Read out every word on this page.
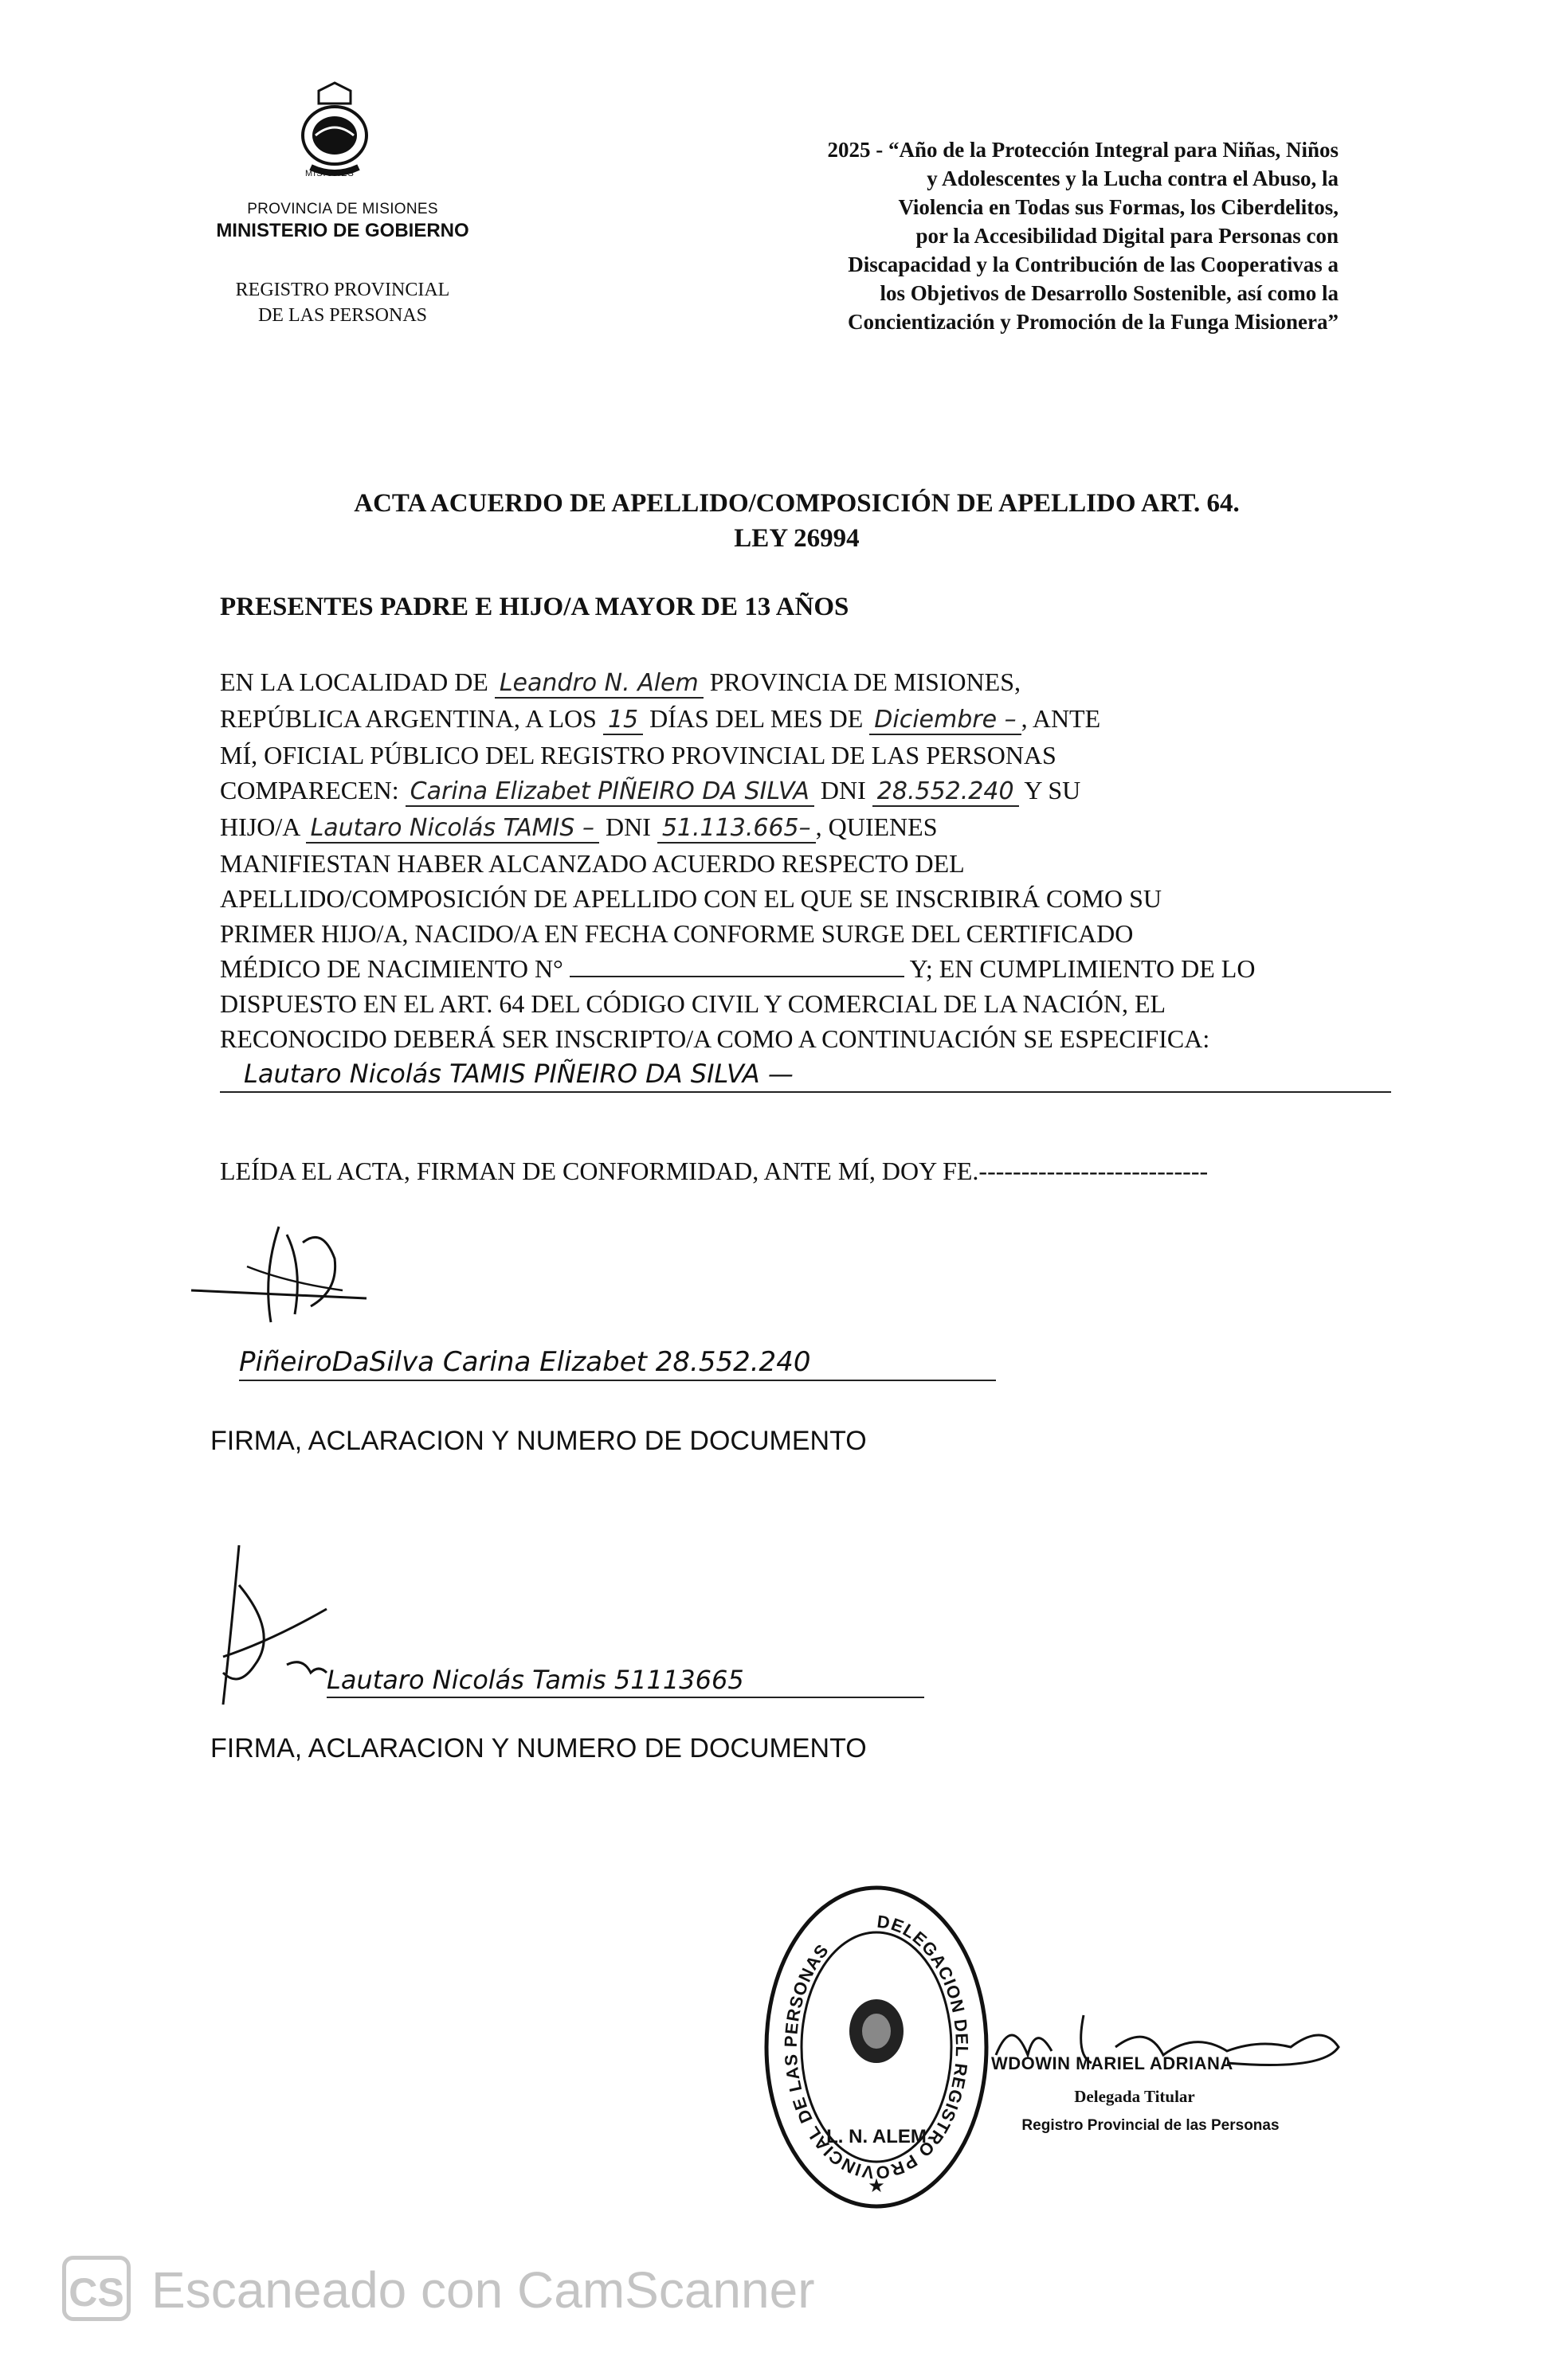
MISIONES
PROVINCIA DE MISIONES
MINISTERIO DE GOBIERNO
REGISTRO PROVINCIAL
DE LAS PERSONAS
2025 - “Año de la Protección Integral para Niñas, Niños
y Adolescentes y la Lucha contra el Abuso, la
Violencia en Todas sus Formas, los Ciberdelitos,
por la Accesibilidad Digital para Personas con
Discapacidad y la Contribución de las Cooperativas a
los Objetivos de Desarrollo Sostenible, así como la
Concientización y Promoción de la Funga Misionera”
ACTA ACUERDO DE APELLIDO/COMPOSICIÓN DE APELLIDO ART. 64.
LEY 26994
PRESENTES PADRE E HIJO/A MAYOR DE 13 AÑOS
EN LA LOCALIDAD DE Leandro N. Alem PROVINCIA DE MISIONES,
REPÚBLICA ARGENTINA, A LOS 15 DÍAS DEL MES DE Diciembre – , ANTE
MÍ, OFICIAL PÚBLICO DEL REGISTRO PROVINCIAL DE LAS PERSONAS
COMPARECEN: Carina Elizabet PIÑEIRO DA SILVA DNI 28.552.240 Y SU
HIJO/A Lautaro Nicolás TAMIS – DNI 51.113.665– , QUIENES
MANIFIESTAN HABER ALCANZADO ACUERDO RESPECTO DEL
APELLIDO/COMPOSICIÓN DE APELLIDO CON EL QUE SE INSCRIBIRÁ COMO SU
PRIMER HIJO/A, NACIDO/A EN FECHA CONFORME SURGE DEL CERTIFICADO
MÉDICO DE NACIMIENTO N°	Y; EN CUMPLIMIENTO DE LO
DISPUESTO EN EL ART. 64 DEL CÓDIGO CIVIL Y COMERCIAL DE LA NACIÓN, EL
RECONOCIDO DEBERÁ SER INSCRIPTO/A COMO A CONTINUACIÓN SE ESPECIFICA:
Lautaro Nicolás TAMIS PIÑEIRO DA SILVA —
LEÍDA EL ACTA, FIRMAN DE CONFORMIDAD, ANTE MÍ, DOY FE.---------------------------
PiñeiroDaSilva Carina Elizabet 28.552.240
FIRMA, ACLARACION Y NUMERO DE DOCUMENTO
Lautaro Nicolás Tamis 51113665
FIRMA, ACLARACION Y NUMERO DE DOCUMENTO
DELEGACION DEL REGISTRO PROVINCIAL DE LAS PERSONAS
L. N. ALEM
★
WDOWIN MARIEL ADRIANA
Delegada Titular
Registro Provincial de las Personas
CS Escaneado con CamScanner
